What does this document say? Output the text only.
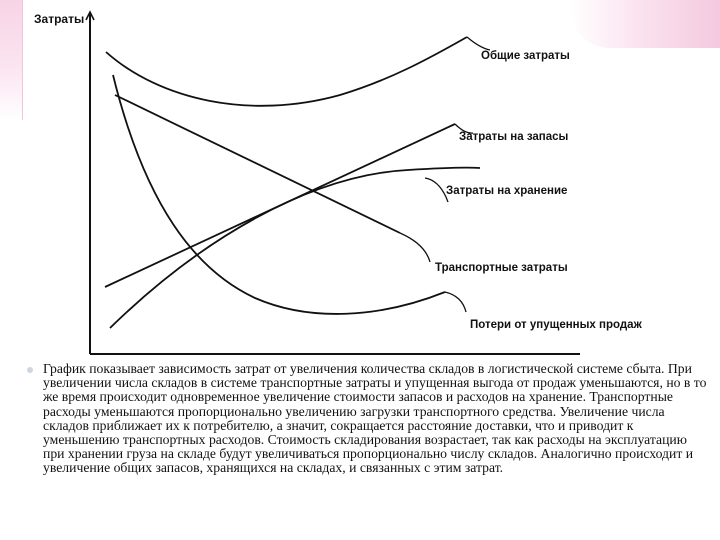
Затраты
Общие затраты
Затраты на запасы
Затраты на хранение
Транспортные затраты
Потери от упущенных продаж

График показывает зависимость затрат от увеличения количества складов в логистической системе сбыта. При увеличении числа складов в системе транспортные затраты и упущенная выгода от продаж уменьшаются, но в то же время происходит одновременное увеличение стоимости запасов и расходов на хранение. Транспортные расходы уменьшаются пропорционально увеличению загрузки транспортного средства. Увеличение числа складов приближает их к потребителю, а значит, сокращается расстояние доставки, что и приводит к уменьшению транспортных расходов. Стоимость складирования возрастает, так как расходы на эксплуатацию при хранении груза на складе будут увеличиваться пропорционально числу складов. Аналогично происходит и увеличение общих запасов, хранящихся на складах, и связанных с этим затрат.
